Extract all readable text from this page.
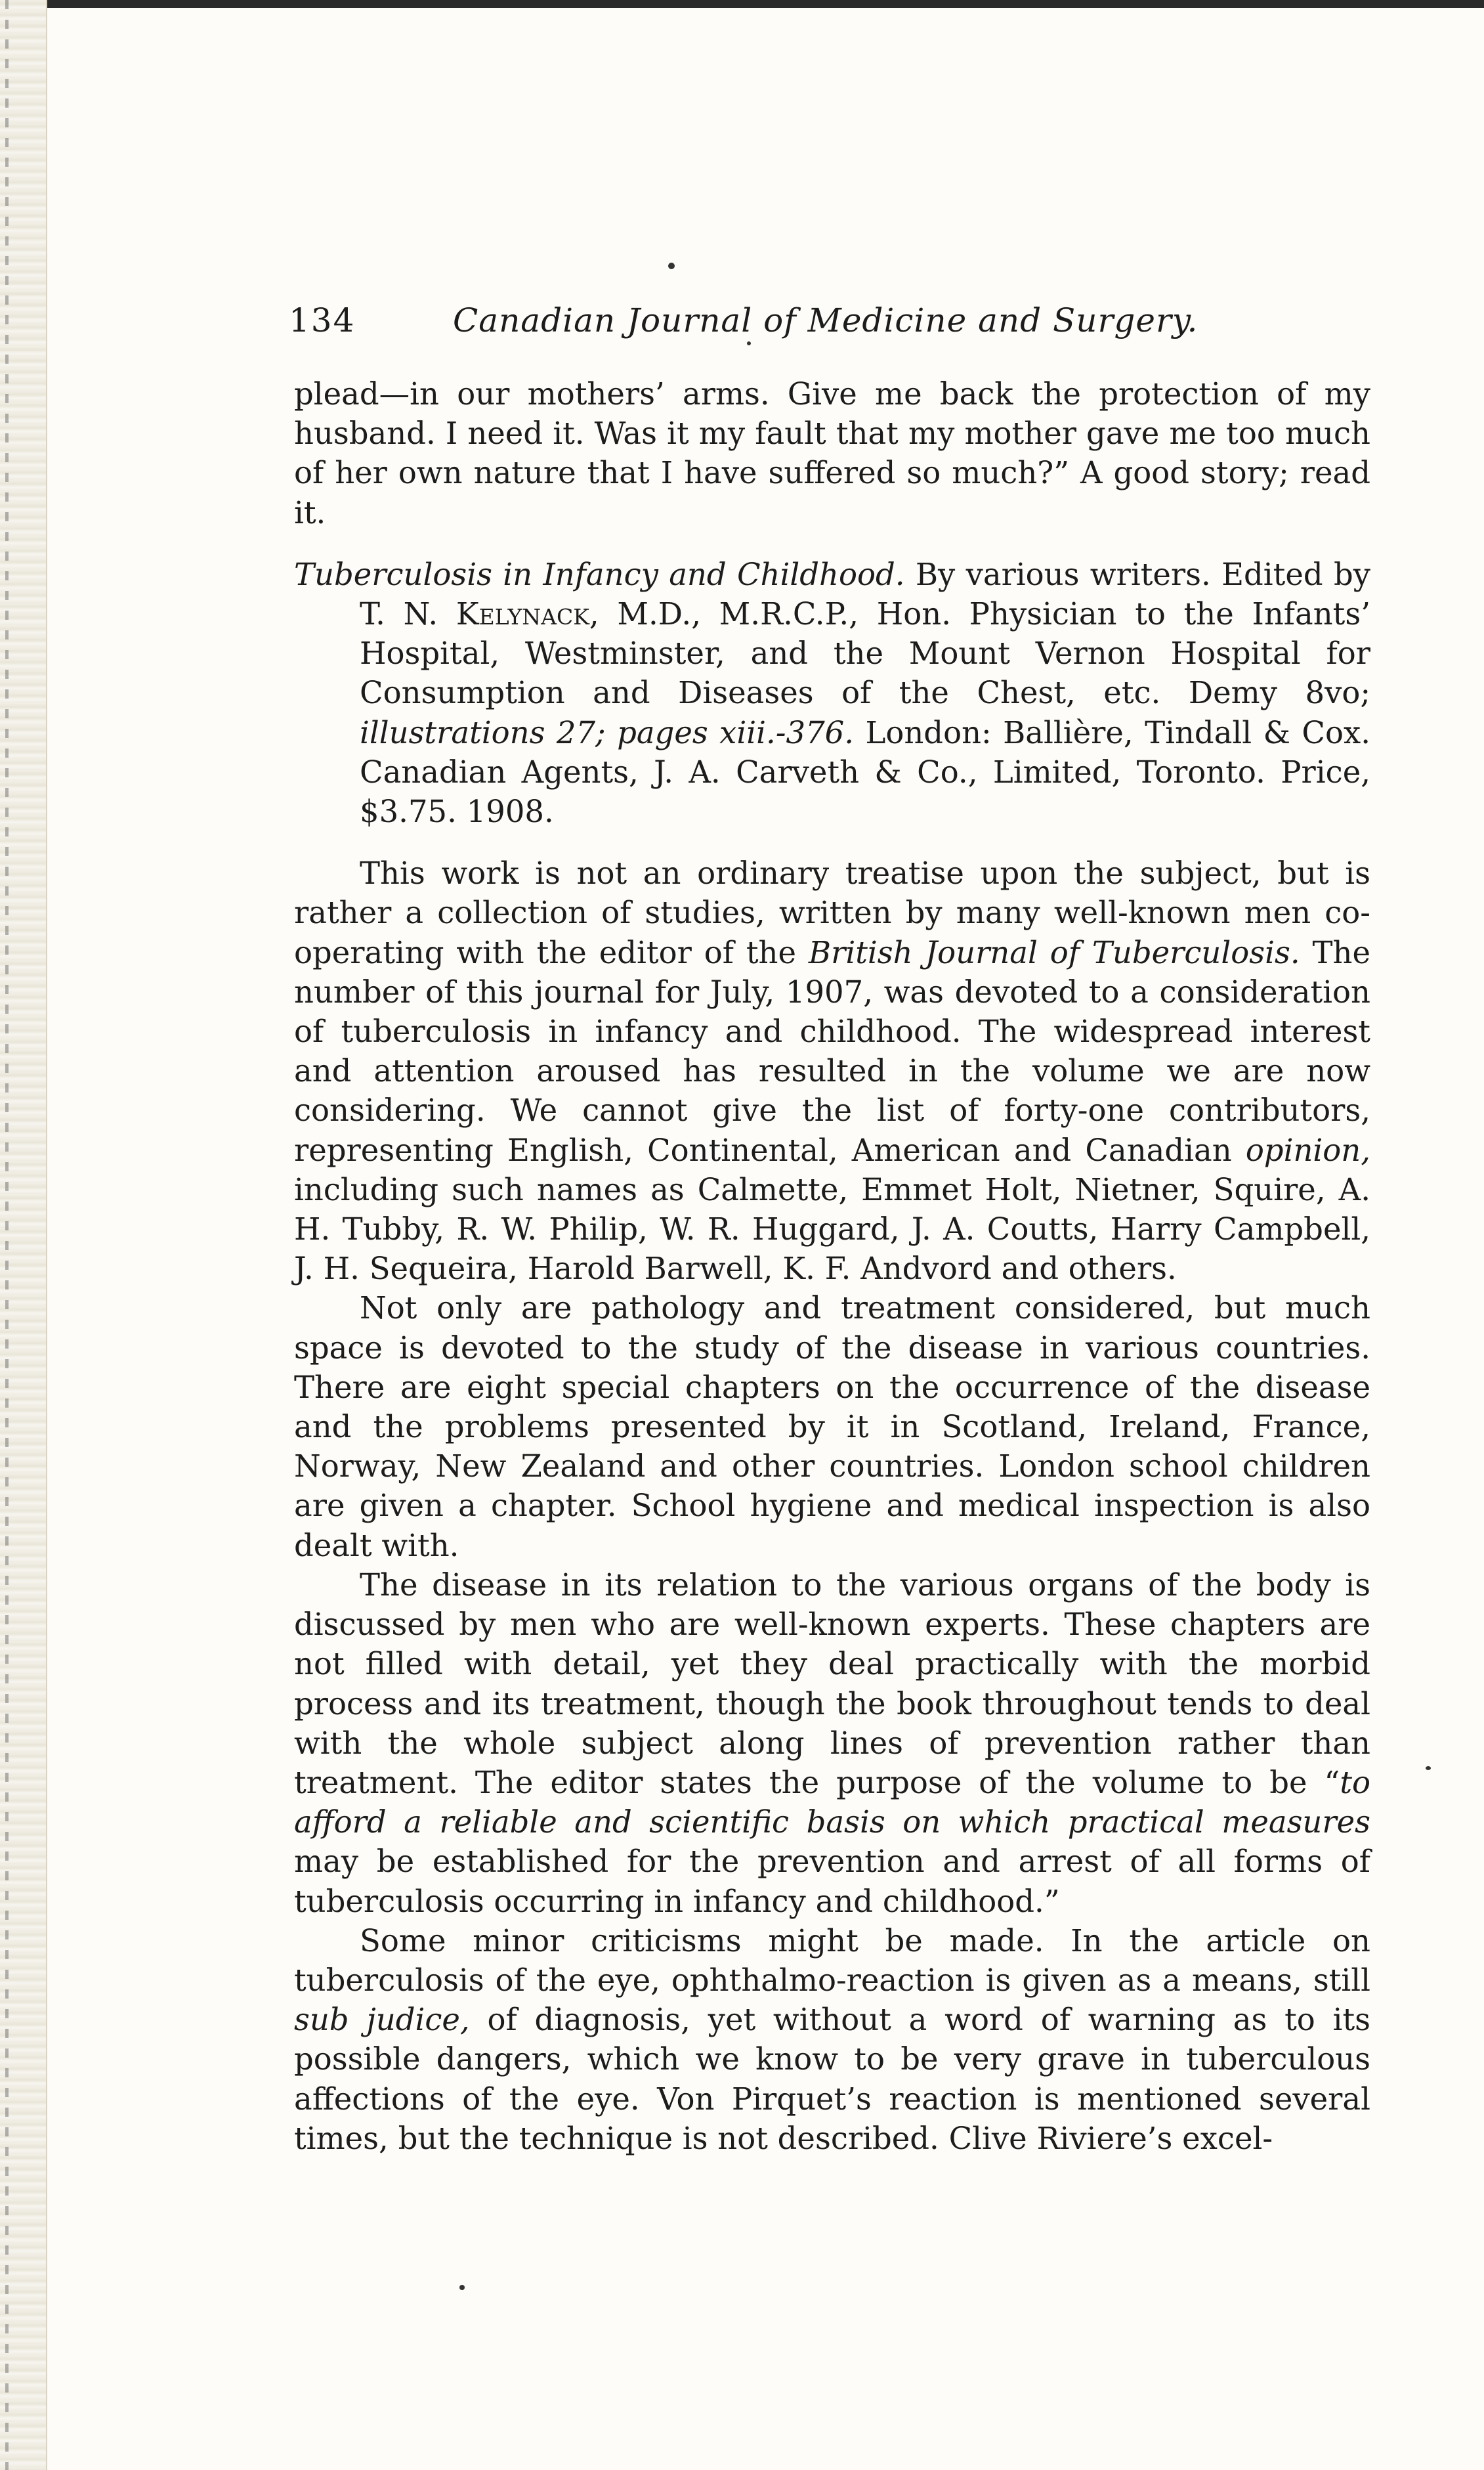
134	Canadian Journal of Medicine and Surgery.

plead—in our mothers’ arms. Give me back the protection of my husband. I need it. Was it my fault that my mother gave me too much of her own nature that I have suffered so much?” A good story; read it.

Tuberculosis in Infancy and Childhood. By various writers. Edited by T. N. Kelynack, M.D., M.R.C.P., Hon. Physician to the Infants’ Hospital, Westminster, and the Mount Vernon Hospital for Consumption and Diseases of the Chest, etc. Demy 8vo; illustrations 27; pages xiii.-376. London: Ballière, Tindall & Cox. Canadian Agents, J. A. Carveth & Co., Limited, Toronto. Price, $3.75. 1908.

This work is not an ordinary treatise upon the subject, but is rather a collection of studies, written by many well-known men co-operating with the editor of the British Journal of Tuberculosis. The number of this journal for July, 1907, was devoted to a consideration of tuberculosis in infancy and childhood. The widespread interest and attention aroused has resulted in the volume we are now considering. We cannot give the list of forty-one contributors, representing English, Continental, American and Canadian opinion, including such names as Calmette, Emmet Holt, Nietner, Squire, A. H. Tubby, R. W. Philip, W. R. Huggard, J. A. Coutts, Harry Campbell, J. H. Sequeira, Harold Barwell, K. F. Andvord and others.

Not only are pathology and treatment considered, but much space is devoted to the study of the disease in various countries. There are eight special chapters on the occurrence of the disease and the problems presented by it in Scotland, Ireland, France, Norway, New Zealand and other countries. London school children are given a chapter. School hygiene and medical inspection is also dealt with.

The disease in its relation to the various organs of the body is discussed by men who are well-known experts. These chapters are not filled with detail, yet they deal practically with the morbid process and its treatment, though the book throughout tends to deal with the whole subject along lines of prevention rather than treatment. The editor states the purpose of the volume to be “to afford a reliable and scientific basis on which practical measures may be established for the prevention and arrest of all forms of tuberculosis occurring in infancy and childhood.”

Some minor criticisms might be made. In the article on tuberculosis of the eye, ophthalmo-reaction is given as a means, still sub judice, of diagnosis, yet without a word of warning as to its possible dangers, which we know to be very grave in tuberculous affections of the eye. Von Pirquet’s reaction is mentioned several times, but the technique is not described. Clive Riviere’s excel-
